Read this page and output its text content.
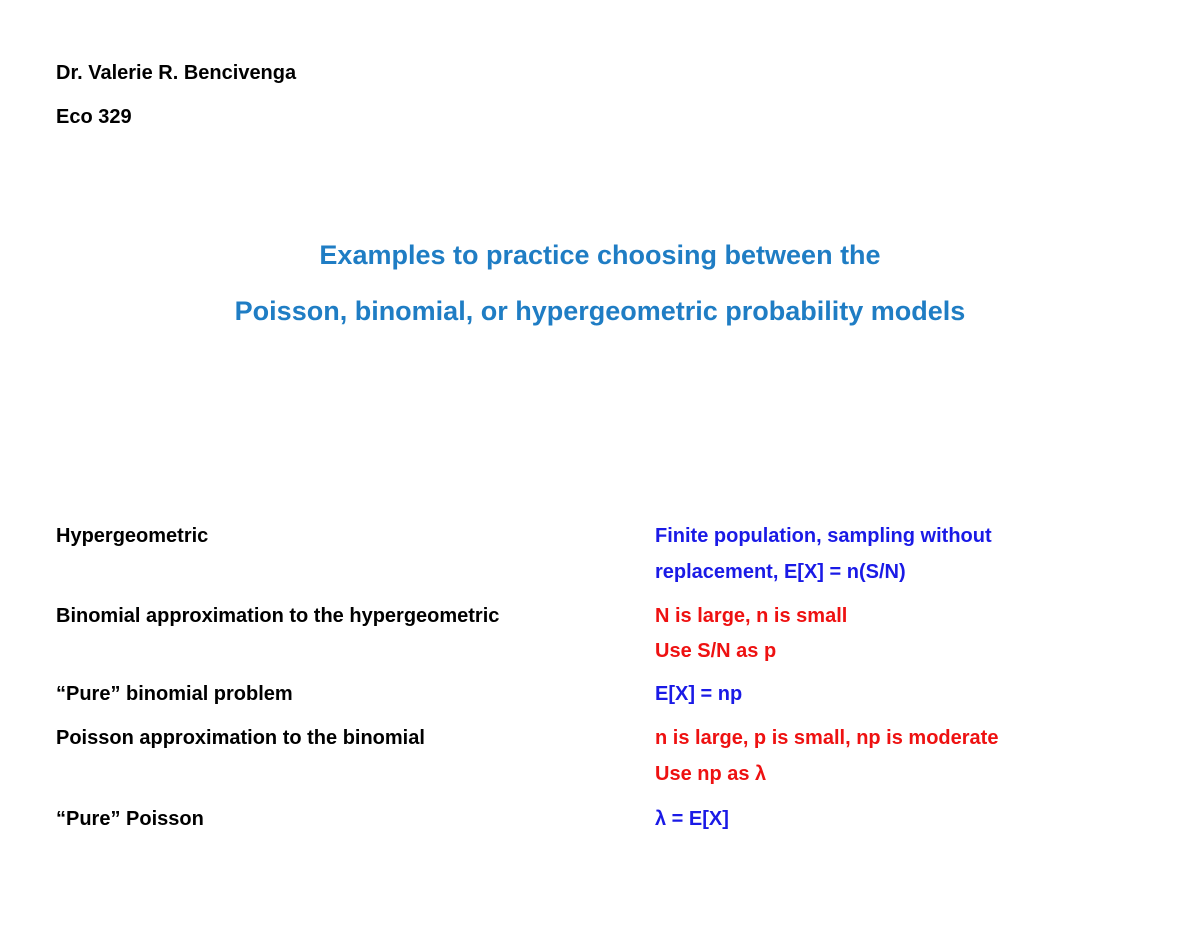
Dr. Valerie R. Bencivenga
Eco 329
Examples to practice choosing between the
Poisson, binomial, or hypergeometric probability models
Hypergeometric	Finite population, sampling without
replacement, E[X] = n(S/N)
Binomial approximation to the hypergeometric	N is large, n is small
Use S/N as p
“Pure” binomial problem	E[X] = np
Poisson approximation to the binomial	n is large, p is small, np is moderate
Use np as λ
“Pure” Poisson	λ = E[X]
